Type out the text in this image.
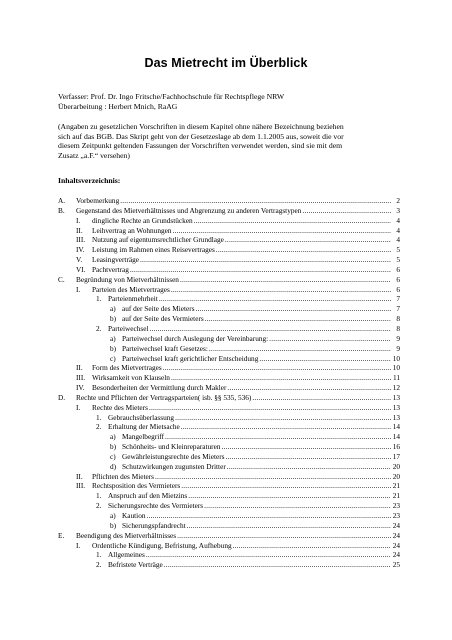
Das Mietrecht im Überblick
Verfasser: Prof. Dr. Ingo Fritsche/Fachhochschule für Rechtspflege NRW
Überarbeitung : Herbert Mnich, RaAG
(Angaben zu gesetzlichen Vorschriften in diesem Kapitel ohne nähere Bezeichnung beziehen
sich auf das BGB. Das Skript geht von der Gesetzeslage ab dem 1.1.2005 aus, soweit die vor
diesem Zeitpunkt geltenden Fassungen der Vorschriften verwendet werden, sind sie mit dem
Zusatz „a.F.“ versehen)
Inhaltsverzeichnis:
A.	Vorbemerkung .....	2
B.	Gegenstand des Mietverhältnisses und Abgrenzung zu anderen Vertragstypen .....	3
I.	dingliche Rechte an Grundstücken .....	4
II.	Leihvertrag an Wohnungen .....	4
III. Nutzung auf eigentumsrechtlicher Grundlage .....	4
IV.	Leistung im Rahmen eines Reisevertrages .....	5
V.	Leasingverträge .....	5
VI. Pachtvertrag .....	6
C.	Begründung von Mietverhältnissen .....	6
I.	Parteien des Mietvertrages .....	6
1. Parteienmehrheit .....	7
a) auf der Seite des Mieters .....	7
b) auf der Seite des Vermieters .....	8
2. Parteiwechsel .....	8
a) Parteiwechsel durch Auslegung der Vereinbarung: .....	9
b) Parteiwechsel kraft Gesetzes: .....	9
c) Parteiwechsel kraft gerichtlicher Entscheidung .....	10
II.	Form des Mietvertrages .....	10
III. Wirksamkeit von Klauseln .....	11
IV.	Besonderheiten der Vermittlung durch Makler .....	12
D.	Rechte und Pflichten der Vertragsparteien( isb. §§ 535, 536) .....	13
I.	Rechte des Mieters .....	13
1. Gebrauchsüberlassung .....	13
2. Erhaltung der Mietsache .....	14
a) Mangelbegriff .....	14
b) Schönheits- und Kleinreparaturen .....	16
c) Gewährleistungsrechte des Mieters .....	17
d) Schutzwirkungen zugunsten Dritter .....	20
II.	Pflichten des Mieters .....	20
III. Rechtsposition des Vermieters .....	21
1. Anspruch auf den Mietzins .....	21
2. Sicherungsrechte des Vermieters .....	23
a) Kaution .....	23
b) Sicherungspfandrecht .....	24
E.	Beendigung des Mietverhältnisses .....	24
I.	Ordentliche Kündigung, Befristung, Aufhebung .....	24
1. Allgemeines .....	24
2. Befristete Verträge .....	25
